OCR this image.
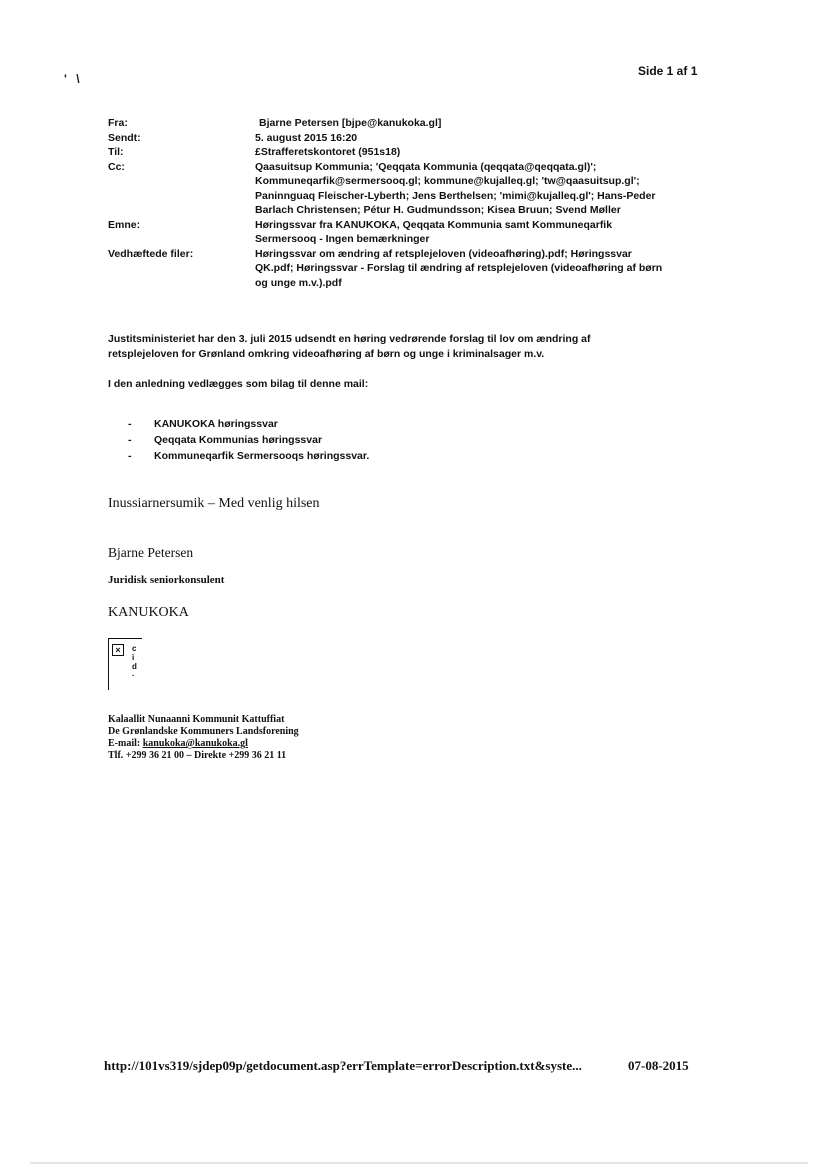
Side 1 af 1
' \
Fra:	Bjarne Petersen [bjpe@kanukoka.gl]
Sendt:	5. august 2015 16:20
Til:	£Strafferetskontoret (951s18)
Cc:	Qaasuitsup Kommunia; 'Qeqqata Kommunia (qeqqata@qeqqata.gl)';
Kommuneqarfik@sermersooq.gl; kommune@kujalleq.gl; 'tw@qaasuitsup.gl';
Paninnguaq Fleischer-Lyberth; Jens Berthelsen; 'mimi@kujalleq.gl'; Hans-Peder
Barlach Christensen; Pétur H. Gudmundsson; Kisea Bruun; Svend Møller
Emne:	Høringssvar fra KANUKOKA, Qeqqata Kommunia samt Kommuneqarfik
Sermersooq - Ingen bemærkninger
Vedhæftede filer:	Høringssvar om ændring af retsplejeloven (videoafhøring).pdf; Høringssvar
QK.pdf; Høringssvar - Forslag til ændring af retsplejeloven (videoafhøring af børn
og unge m.v.).pdf
Justitsministeriet har den 3. juli 2015 udsendt en høring vedrørende forslag til lov om ændring af
retsplejeloven for Grønland omkring videoafhøring af børn og unge i kriminalsager m.v.
I den anledning vedlægges som bilag til denne mail:
-	KANUKOKA høringssvar
-	Qeqqata Kommunias høringssvar
-	Kommuneqarfik Sermersooqs høringssvar.
Inussiarnersumik – Med venlig hilsen
Bjarne Petersen
Juridisk seniorkonsulent
KANUKOKA
×	c
i
d
·
Kalaallit Nunaanni Kommunit Kattuffiat
De Grønlandske Kommuners Landsforening
E-mail: kanukoka@kanukoka.gl
Tlf. +299 36 21 00 – Direkte +299 36 21 11
http://101vs319/sjdep09p/getdocument.asp?errTemplate=errorDescription.txt&syste...	07-08-2015
